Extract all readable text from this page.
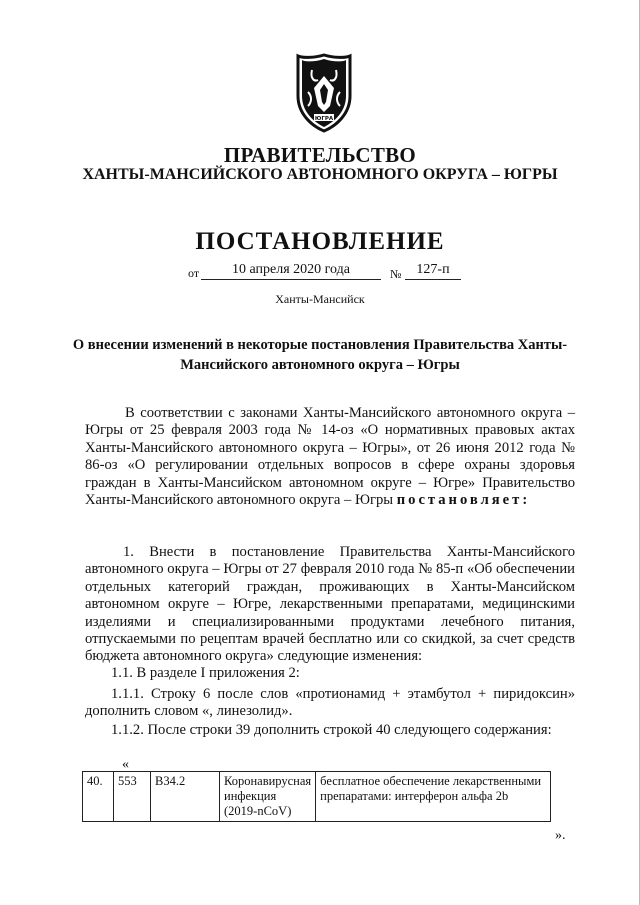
ЮГРА
ПРАВИТЕЛЬСТВО
ХАНТЫ-МАНСИЙСКОГО АВТОНОМНОГО ОКРУГА – ЮГРЫ
ПОСТАНОВЛЕНИЕ
от	10 апреля 2020 года	№	127-п
Ханты-Мансийск
О внесении изменений в некоторые постановления Правительства Ханты-Мансийского автономного округа – Югры
В соответствии с законами Ханты-Мансийского автономного округа – Югры от 25 февраля 2003 года № 14-оз «О нормативных правовых актах Ханты-Мансийского автономного округа – Югры», от 26 июня 2012 года № 86-оз «О регулировании отдельных вопросов в сфере охраны здоровья граждан в Ханты-Мансийском автономном округе – Югре» Правительство Ханты-Мансийского автономного округа – Югры постановляет:
1. Внести в постановление Правительства Ханты-Мансийского автономного округа – Югры от 27 февраля 2010 года № 85-п «Об обеспечении отдельных категорий граждан, проживающих в Ханты-Мансийском автономном округе – Югре, лекарственными препаратами, медицинскими изделиями и специализированными продуктами лечебного питания, отпускаемыми по рецептам врачей бесплатно или со скидкой, за счет средств бюджета автономного округа» следующие изменения:
1.1. В разделе I приложения 2:
1.1.1. Строку 6 после слов «протионамид + этамбутол + пиридоксин» дополнить словом «, линезолид».
1.1.2. После строки 39 дополнить строкой 40 следующего содержания:
«
40.	553	B34.2	Коронавирусная инфекция (2019-nCoV)	бесплатное обеспечение лекарственными препаратами: интерферон альфа 2b
».
